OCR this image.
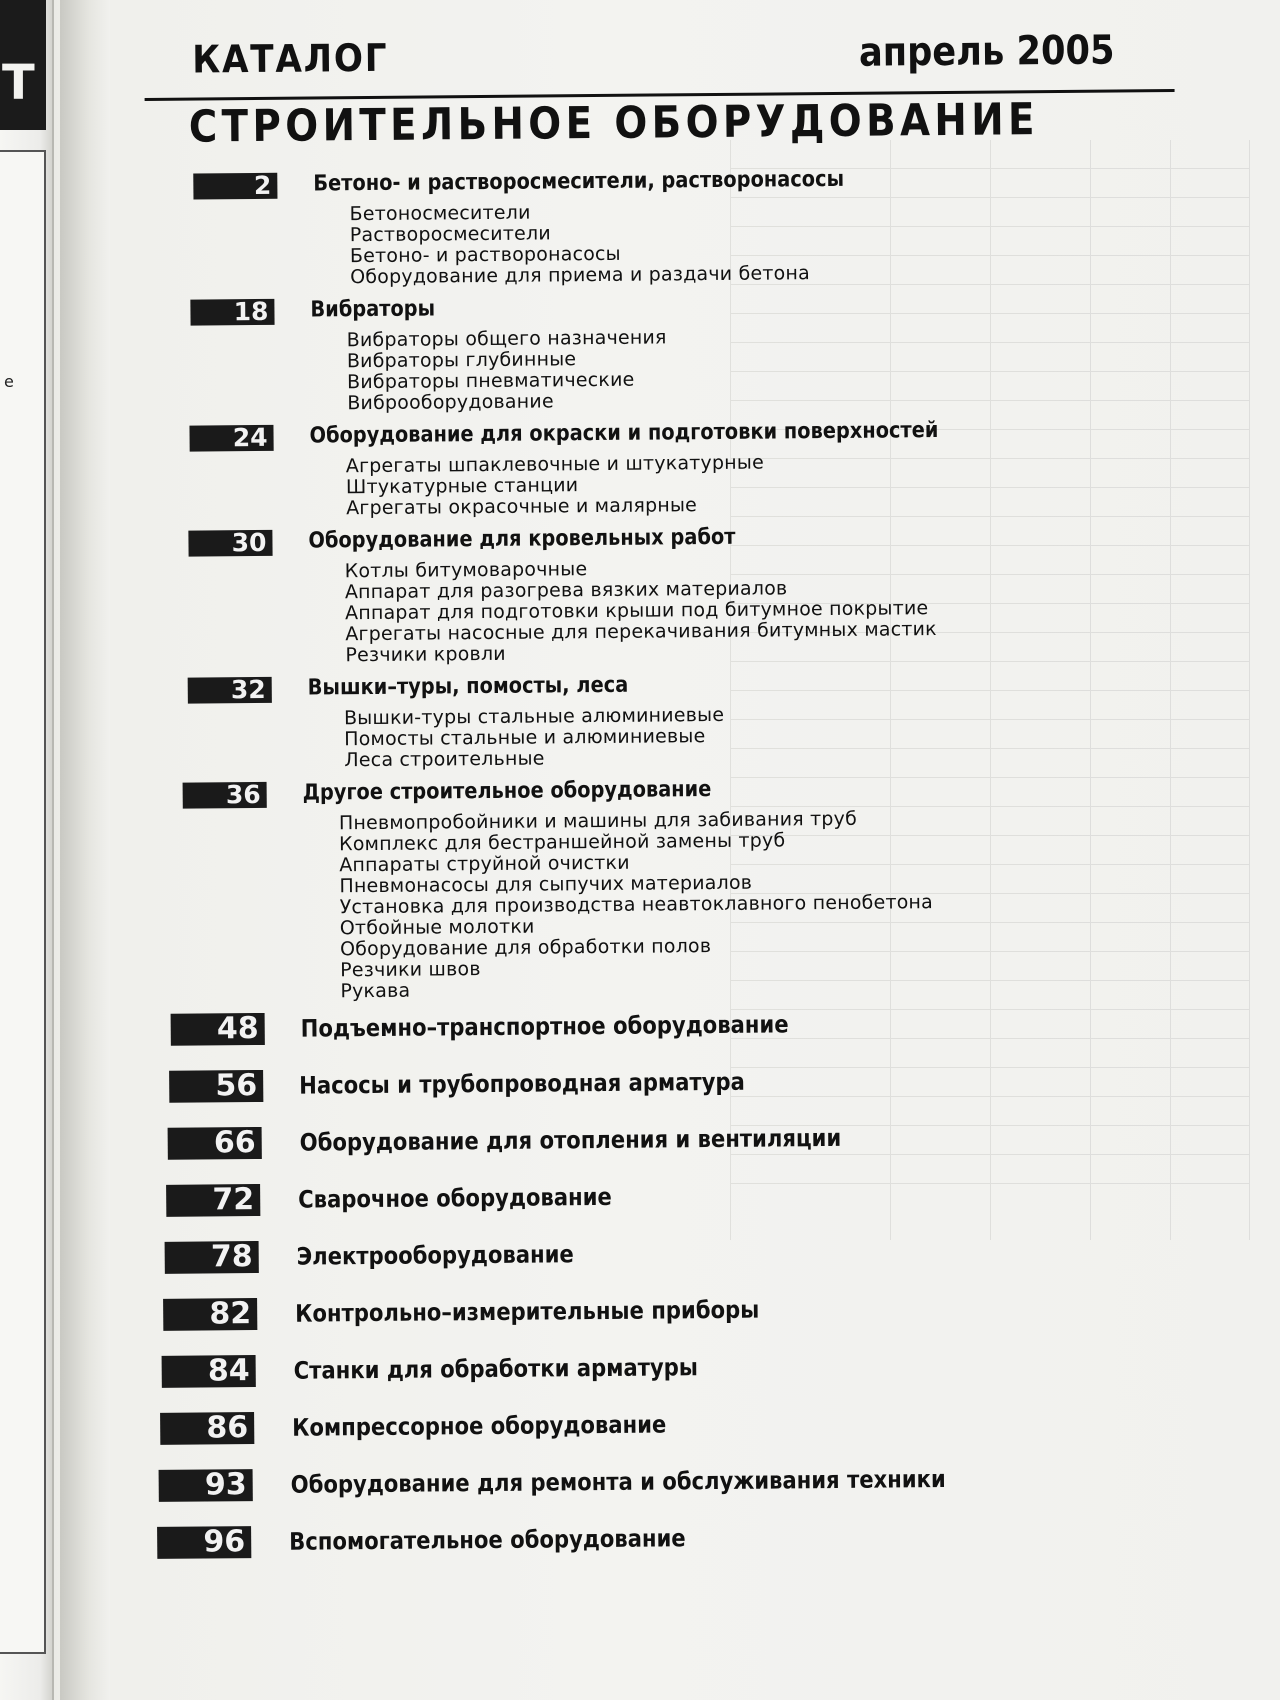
T
e
КАТАЛОГ	апрель 2005
СТРОИТЕЛЬНОЕ ОБОРУДОВАНИЕ
2 Бетоно- и растворосмесители, растворонасосы
Бетоносмесители
Растворосмесители
Бетоно- и растворонасосы
Оборудование для приема и раздачи бетона
18 Вибраторы
Вибраторы общего назначения
Вибраторы глубинные
Вибраторы пневматические
Виброоборудование
24 Оборудование для окраски и подготовки поверхностей
Агрегаты шпаклевочные и штукатурные
Штукатурные станции
Агрегаты окрасочные и малярные
30 Оборудование для кровельных работ
Котлы битумоварочные
Аппарат для разогрева вязких материалов
Аппарат для подготовки крыши под битумное покрытие
Агрегаты насосные для перекачивания битумных мастик
Резчики кровли
32 Вышки–туры, помосты, леса
Вышки-туры стальные алюминиевые
Помосты стальные и алюминиевые
Леса строительные
36 Другое строительное оборудование
Пневмопробойники и машины для забивания труб
Комплекс для бестраншейной замены труб
Аппараты струйной очистки
Пневмонасосы для сыпучих материалов
Установка для производства неавтоклавного пенобетона
Отбойные молотки
Оборудование для обработки полов
Резчики швов
Рукава
48 Подъемно–транспортное оборудование
56 Насосы и трубопроводная арматура
66 Оборудование для отопления и вентиляции
72 Сварочное оборудование
78 Электрооборудование
82 Контрольно–измерительные приборы
84 Станки для обработки арматуры
86 Компрессорное оборудование
93 Оборудование для ремонта и обслуживания техники
96 Вспомогательное оборудование
